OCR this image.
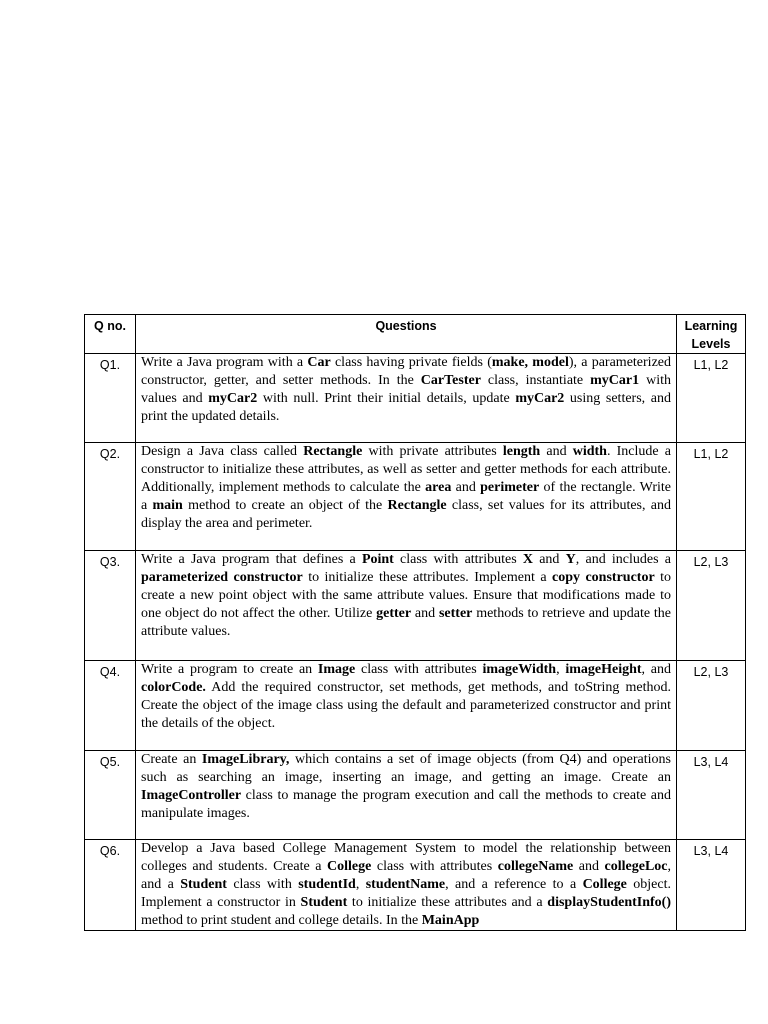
Q no.	Questions	Learning
Levels
Q1.	Write a Java program with a Car class having private fields (make, model), a parameterized constructor, getter, and setter methods. In the CarTester class, instantiate myCar1 with values and myCar2 with null. Print their initial details, update myCar2 using setters, and print the updated details.	L1, L2
Q2.	Design a Java class called Rectangle with private attributes length and width. Include a constructor to initialize these attributes, as well as setter and getter methods for each attribute. Additionally, implement methods to calculate the area and perimeter of the rectangle. Write a main method to create an object of the Rectangle class, set values for its attributes, and display the area and perimeter.	L1, L2
Q3.	Write a Java program that defines a Point class with attributes X and Y, and includes a parameterized constructor to initialize these attributes. Implement a copy constructor to create a new point object with the same attribute values. Ensure that modifications made to one object do not affect the other. Utilize getter and setter methods to retrieve and update the attribute values.	L2, L3
Q4.	Write a program to create an Image class with attributes imageWidth, imageHeight, and colorCode. Add the required constructor, set methods, get methods, and toString method. Create the object of the image class using the default and parameterized constructor and print the details of the object.	L2, L3
Q5.	Create an ImageLibrary, which contains a set of image objects (from Q4) and operations such as searching an image, inserting an image, and getting an image. Create an ImageController class to manage the program execution and call the methods to create and manipulate images.	L3, L4
Q6.	Develop a Java based College Management System to model the relationship between colleges and students. Create a College class with attributes collegeName and collegeLoc, and a Student class with studentId, studentName, and a reference to a College object. Implement a constructor in Student to initialize these attributes and a displayStudentInfo() method to print student and college details. In the MainApp	L3, L4
